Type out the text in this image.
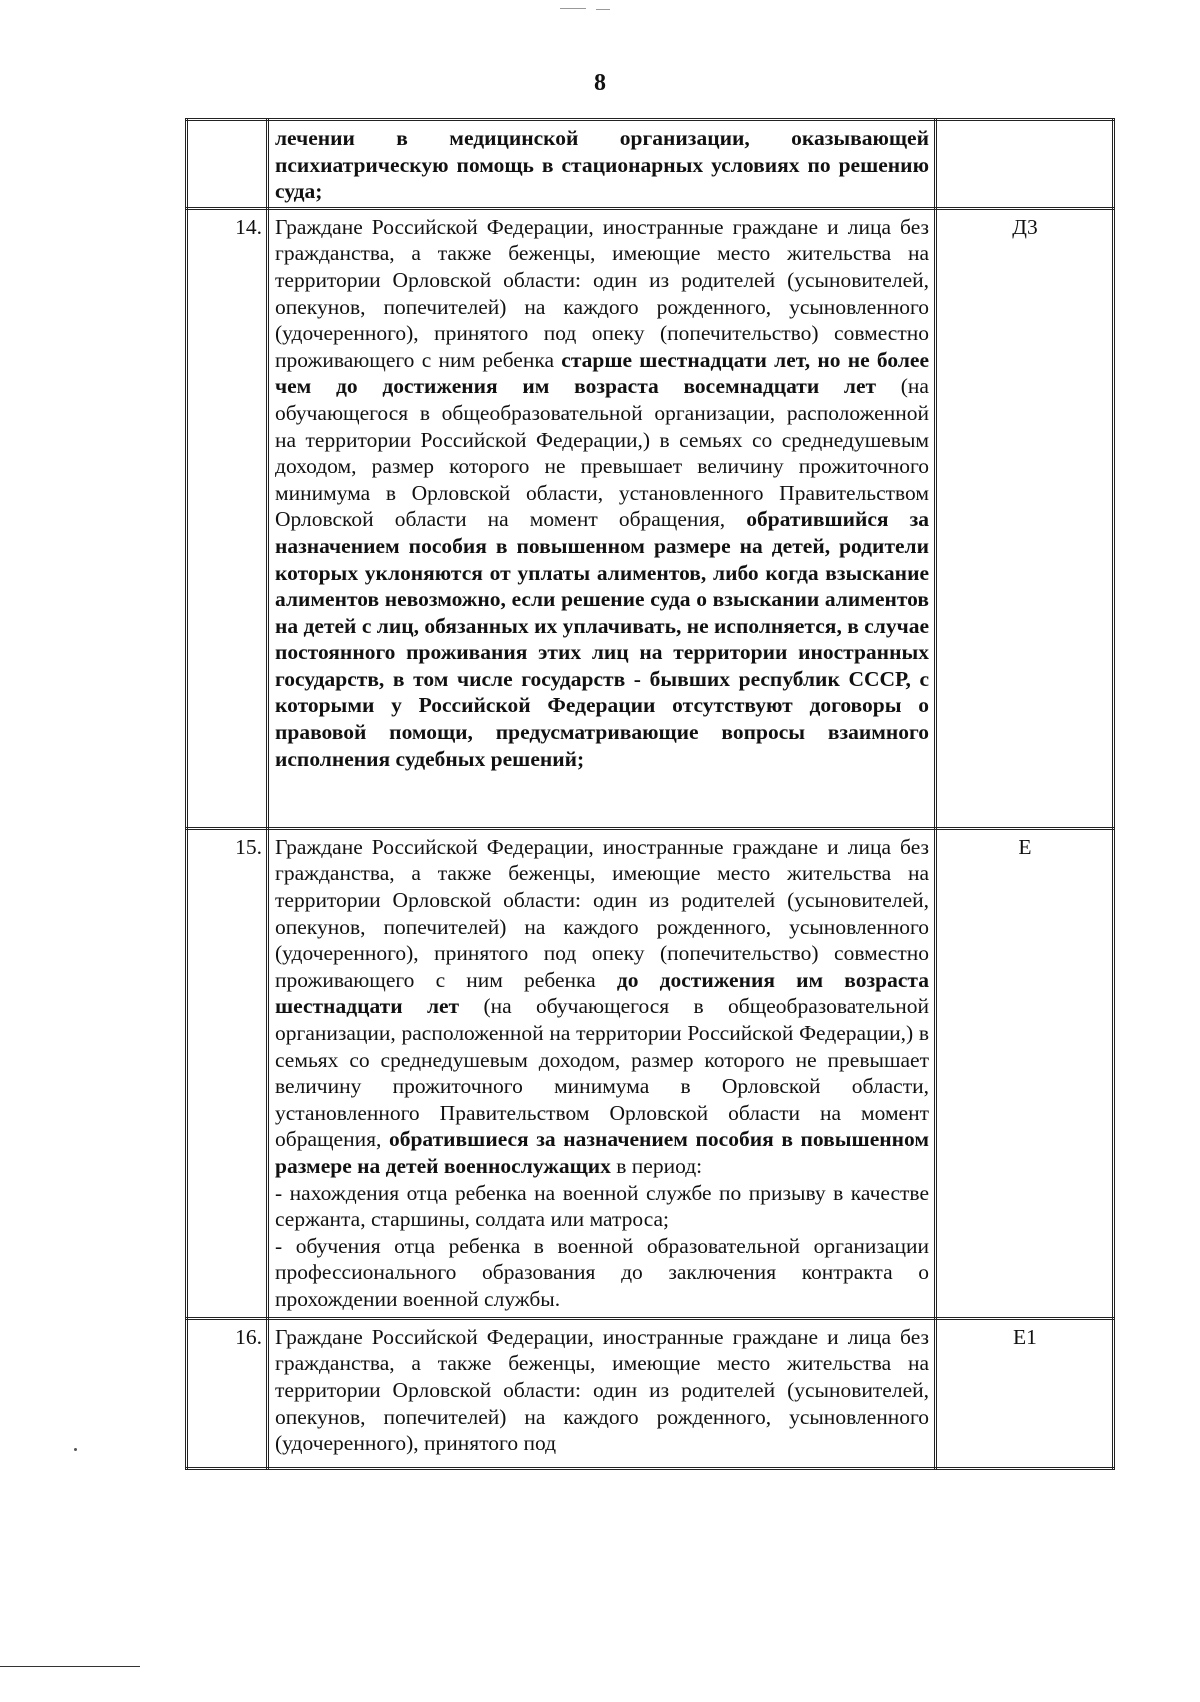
8

	лечении в медицинской организации, оказывающей психиатрическую помощь в стационарных условиях по решению суда;	

14.	Граждане Российской Федерации, иностранные граждане и лица без гражданства, а также беженцы, имеющие место жительства на территории Орловской области: один из родителей (усыновителей, опекунов, попечителей) на каждого рожденного, усыновленного (удочеренного), принятого под опеку (попечительство) совместно проживающего с ним ребенка старше шестнадцати лет, но не более чем до достижения им возраста восемнадцати лет (на обучающегося в общеобразовательной организации, расположенной на территории Российской Федерации,) в семьях со среднедушевым доходом, размер которого не превышает величину прожиточного минимума в Орловской области, установленного Правительством Орловской области на момент обращения, обратившийся за назначением пособия в повышенном размере на детей, родители которых уклоняются от уплаты алиментов, либо когда взыскание алиментов невозможно, если решение суда о взыскании алиментов на детей с лиц, обязанных их уплачивать, не исполняется, в случае постоянного проживания этих лиц на территории иностранных государств, в том числе государств - бывших республик СССР, с которыми у Российской Федерации отсутствуют договоры о правовой помощи, предусматривающие вопросы взаимного исполнения судебных решений;	Д3
15.	Граждане Российской Федерации, иностранные граждане и лица без гражданства, а также беженцы, имеющие место жительства на территории Орловской области: один из родителей (усыновителей, опекунов, попечителей) на каждого рожденного, усыновленного (удочеренного), принятого под опеку (попечительство) совместно проживающего с ним ребенка до достижения им возраста шестнадцати лет (на обучающегося в общеобразовательной организации, расположенной на территории Российской Федерации,) в семьях со среднедушевым доходом, размер которого не превышает величину прожиточного минимума в Орловской области, установленного Правительством Орловской области на момент обращения, обратившиеся за назначением пособия в повышенном размере на детей военнослужащих в период:
- нахождения отца ребенка на военной службе по призыву в качестве сержанта, старшины, солдата или матроса;
- обучения отца ребенка в военной образовательной организации профессионального образования до заключения контракта о прохождении военной службы.	Е
16.	Граждане Российской Федерации, иностранные граждане и лица без гражданства, а также беженцы, имеющие место жительства на территории Орловской области: один из родителей (усыновителей, опекунов, попечителей) на каждого рожденного, усыновленного (удочеренного), принятого под	Е1
